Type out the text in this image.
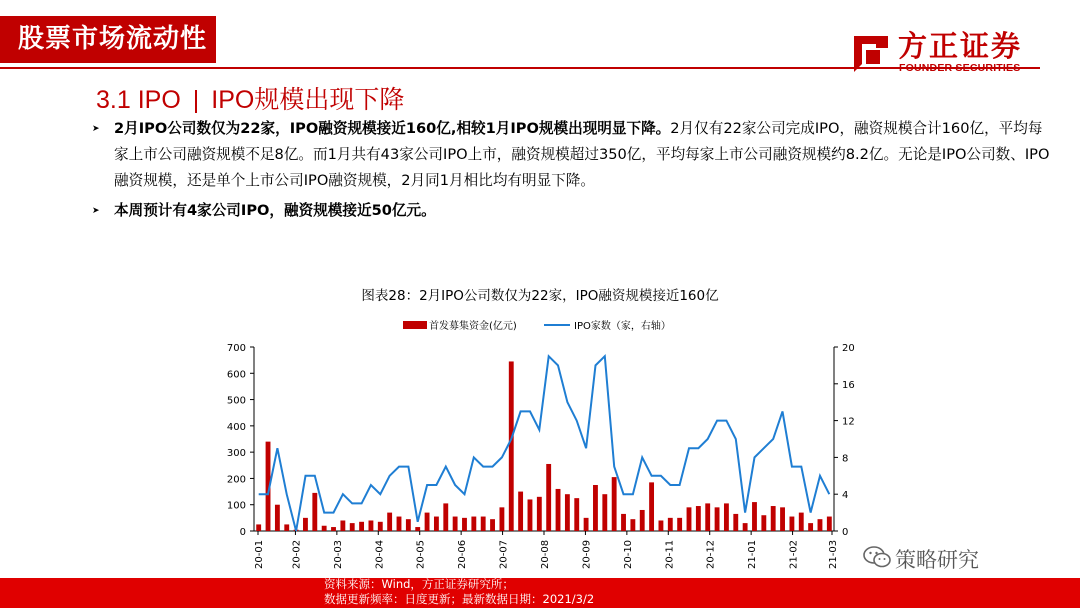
股票市场流动性	方正证券
FOUNDER SECURITIES
3.1 IPO | IPO规模出现下降
➤ 2月IPO公司数仅为22家，IPO融资规模接近160亿,相较1月IPO规模出现明显下降。2月仅有22家公司完成IPO，融资规模合计160亿，平均每家上市公司融资规模不足8亿。而1月共有43家公司IPO上市，融资规模超过350亿，平均每家上市公司融资规模约8.2亿。无论是IPO公司数、IPO融资规模，还是单个上市公司IPO融资规模，2月同1月相比均有明显下降。
➤ 本周预计有4家公司IPO，融资规模接近50亿元。
图表28：2月IPO公司数仅为22家，IPO融资规模接近160亿
首发募集资金(亿元)	IPO家数（家，右轴）
0
100
200
300
400
500
600
700
0
4
8
12
16
20
20-01	20-02	20-03	20-04	20-05	20-06	20-07	20-08	20-09	20-10	20-11	20-12	21-01	21-02	21-03	策略研究
资料来源：Wind，方正证券研究所；
数据更新频率：日度更新；最新数据日期：2021/3/2
